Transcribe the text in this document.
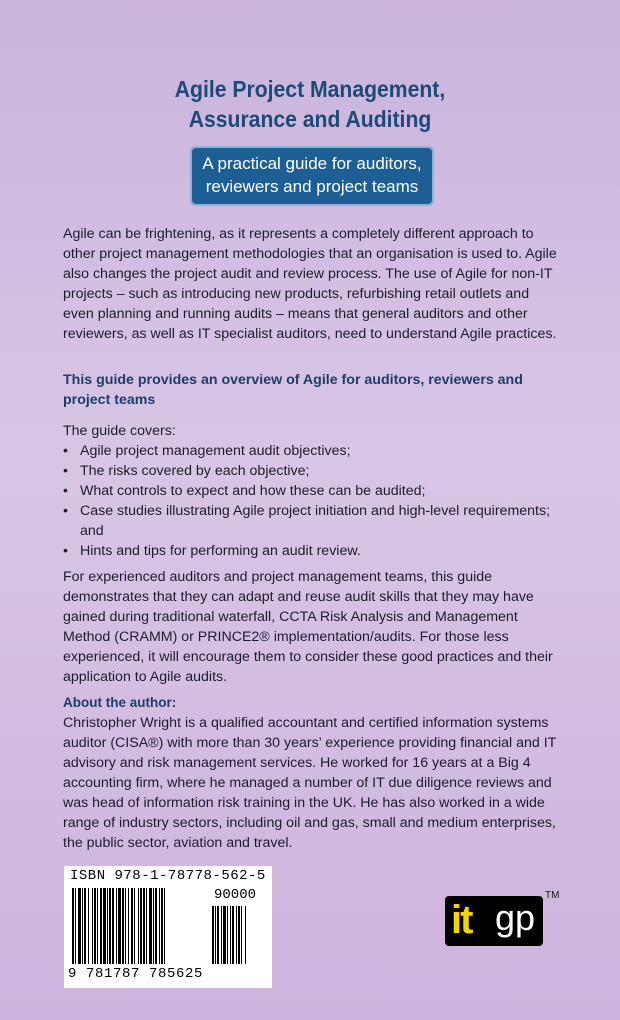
Agile Project Management,
Assurance and Auditing
A practical guide for auditors,
reviewers and project teams
Agile can be frightening, as it represents a completely different approach to other project management methodologies that an organisation is used to. Agile also changes the project audit and review process. The use of Agile for non-IT projects – such as introducing new products, refurbishing retail outlets and even planning and running audits – means that general auditors and other reviewers, as well as IT specialist auditors, need to understand Agile practices.
This guide provides an overview of Agile for auditors, reviewers and project teams
The guide covers:
• Agile project management audit objectives;
• The risks covered by each objective;
• What controls to expect and how these can be audited;
• Case studies illustrating Agile project initiation and high-level requirements; and
• Hints and tips for performing an audit review.
For experienced auditors and project management teams, this guide demonstrates that they can adapt and reuse audit skills that they may have gained during traditional waterfall, CCTA Risk Analysis and Management Method (CRAMM) or PRINCE2® implementation/audits. For those less experienced, it will encourage them to consider these good practices and their application to Agile audits.
About the author:
Christopher Wright is a qualified accountant and certified information systems auditor (CISA®) with more than 30 years’ experience providing financial and IT advisory and risk management services. He worked for 16 years at a Big 4 accounting firm, where he managed a number of IT due diligence reviews and was head of information risk training in the UK. He has also worked in a wide range of industry sectors, including oil and gas, small and medium enterprises, the public sector, aviation and travel.
ISBN 978-1-78778-562-5
90000
9 781787 785625
it gp
TM
